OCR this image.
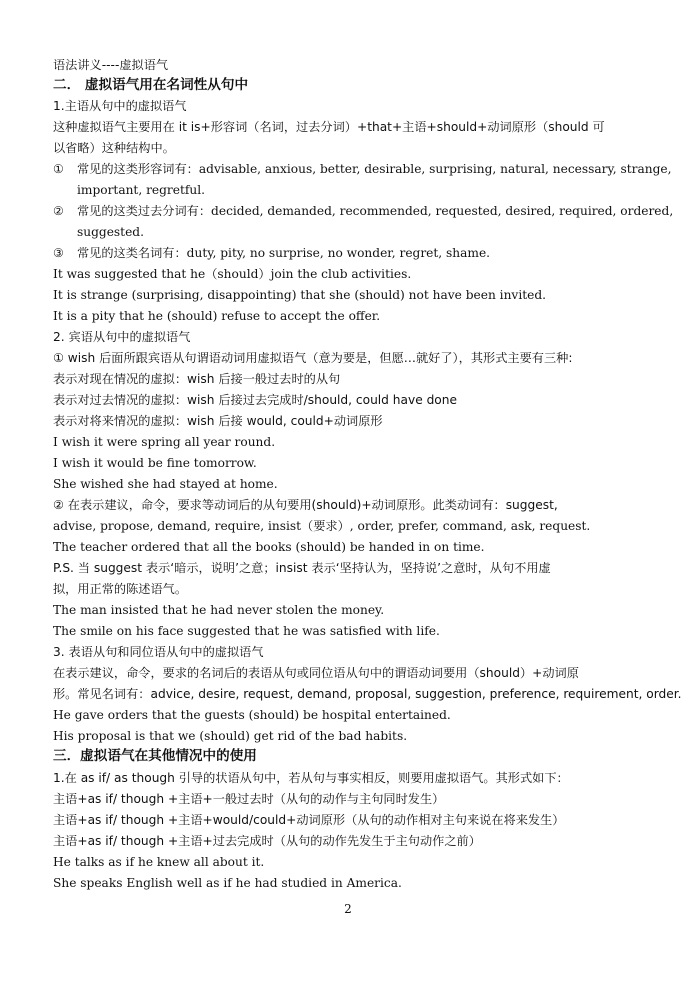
语法讲义----虚拟语气
二． 虚拟语气用在名词性从句中
1.主语从句中的虚拟语气
这种虚拟语气主要用在 it is+形容词（名词，过去分词）+that+主语+should+动词原形（should 可
以省略）这种结构中。
① 常见的这类形容词有：advisable, anxious, better, desirable, surprising, natural, necessary, strange,
important, regretful.
② 常见的这类过去分词有：decided, demanded, recommended, requested, desired, required, ordered,
suggested.
③ 常见的这类名词有：duty, pity, no surprise, no wonder, regret, shame.
It was suggested that he（should）join the club activities.
It is strange (surprising, disappointing) that she (should) not have been invited.
It is a pity that he (should) refuse to accept the offer.
2. 宾语从句中的虚拟语气
① wish 后面所跟宾语从句谓语动词用虚拟语气（意为要是，但愿…就好了），其形式主要有三种:
表示对现在情况的虚拟：wish 后接一般过去时的从句
表示对过去情况的虚拟：wish 后接过去完成时/should, could have done
表示对将来情况的虚拟：wish 后接 would, could+动词原形
I wish it were spring all year round.
I wish it would be fine tomorrow.
She wished she had stayed at home.
② 在表示建议，命令，要求等动词后的从句要用(should)+动词原形。此类动词有：suggest,
advise, propose, demand, require, insist（要求）, order, prefer, command, ask, request.
The teacher ordered that all the books (should) be handed in on time.
P.S. 当 suggest 表示‘暗示，说明’之意；insist 表示‘坚持认为，坚持说’之意时，从句不用虚
拟，用正常的陈述语气。
The man insisted that he had never stolen the money.
The smile on his face suggested that he was satisfied with life.
3. 表语从句和同位语从句中的虚拟语气
在表示建议，命令，要求的名词后的表语从句或同位语从句中的谓语动词要用（should）+动词原
形。常见名词有：advice, desire, request, demand, proposal, suggestion, preference, requirement, order.
He gave orders that the guests (should) be hospital entertained.
His proposal is that we (should) get rid of the bad habits.
三．虚拟语气在其他情况中的使用
1.在 as if/ as though 引导的状语从句中，若从句与事实相反，则要用虚拟语气。其形式如下：
主语+as if/ though +主语+一般过去时（从句的动作与主句同时发生）
主语+as if/ though +主语+would/could+动词原形（从句的动作相对主句来说在将来发生）
主语+as if/ though +主语+过去完成时（从句的动作先发生于主句动作之前）
He talks as if he knew all about it.
She speaks English well as if he had studied in America.
2
